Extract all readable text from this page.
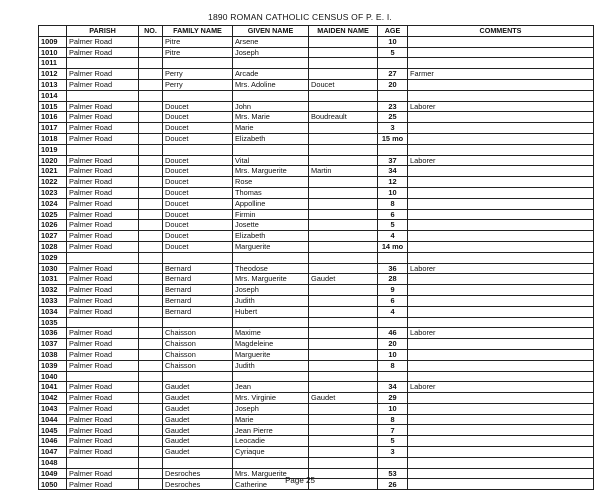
1890 ROMAN CATHOLIC CENSUS OF P. E. I.
	PARISH	NO.	FAMILY NAME	GIVEN NAME	MAIDEN NAME	AGE	COMMENTS
1009	Palmer Road		Pitre	Arsene		10	
1010	Palmer Road		Pitre	Joseph		5	
1011							
1012	Palmer Road		Perry	Arcade		27	Farmer
1013	Palmer Road		Perry	Mrs. Adoline	Doucet	20	
1014							
1015	Palmer Road		Doucet	John		23	Laborer
1016	Palmer Road		Doucet	Mrs. Marie	Boudreault	25	
1017	Palmer Road		Doucet	Marie		3	
1018	Palmer Road		Doucet	Elizabeth		15 mo	
1019							
1020	Palmer Road		Doucet	Vital		37	Laborer
1021	Palmer Road		Doucet	Mrs. Marguerite	Martin	34	
1022	Palmer Road		Doucet	Rose		12	
1023	Palmer Road		Doucet	Thomas		10	
1024	Palmer Road		Doucet	Appolline		8	
1025	Palmer Road		Doucet	Firmin		6	
1026	Palmer Road		Doucet	Josette		5	
1027	Palmer Road		Doucet	Elizabeth		4	
1028	Palmer Road		Doucet	Marguerite		14 mo	
1029							
1030	Palmer Road		Bernard	Theodose		36	Laborer
1031	Palmer Road		Bernard	Mrs. Marguerite	Gaudet	28	
1032	Palmer Road		Bernard	Joseph		9	
1033	Palmer Road		Bernard	Judith		6	
1034	Palmer Road		Bernard	Hubert		4	
1035							
1036	Palmer Road		Chaisson	Maxime		46	Laborer
1037	Palmer Road		Chaisson	Magdeleine		20	
1038	Palmer Road		Chaisson	Marguerite		10	
1039	Palmer Road		Chaisson	Judith		8	
1040							
1041	Palmer Road		Gaudet	Jean		34	Laborer
1042	Palmer Road		Gaudet	Mrs. Virginie	Gaudet	29	
1043	Palmer Road		Gaudet	Joseph		10	
1044	Palmer Road		Gaudet	Marie		8	
1045	Palmer Road		Gaudet	Jean Pierre		7	
1046	Palmer Road		Gaudet	Leocadie		5	
1047	Palmer Road		Gaudet	Cyriaque		3	
1048							
1049	Palmer Road		Desroches	Mrs. Marguerite		53	
1050	Palmer Road		Desroches	Catherine		26	
Page 25
